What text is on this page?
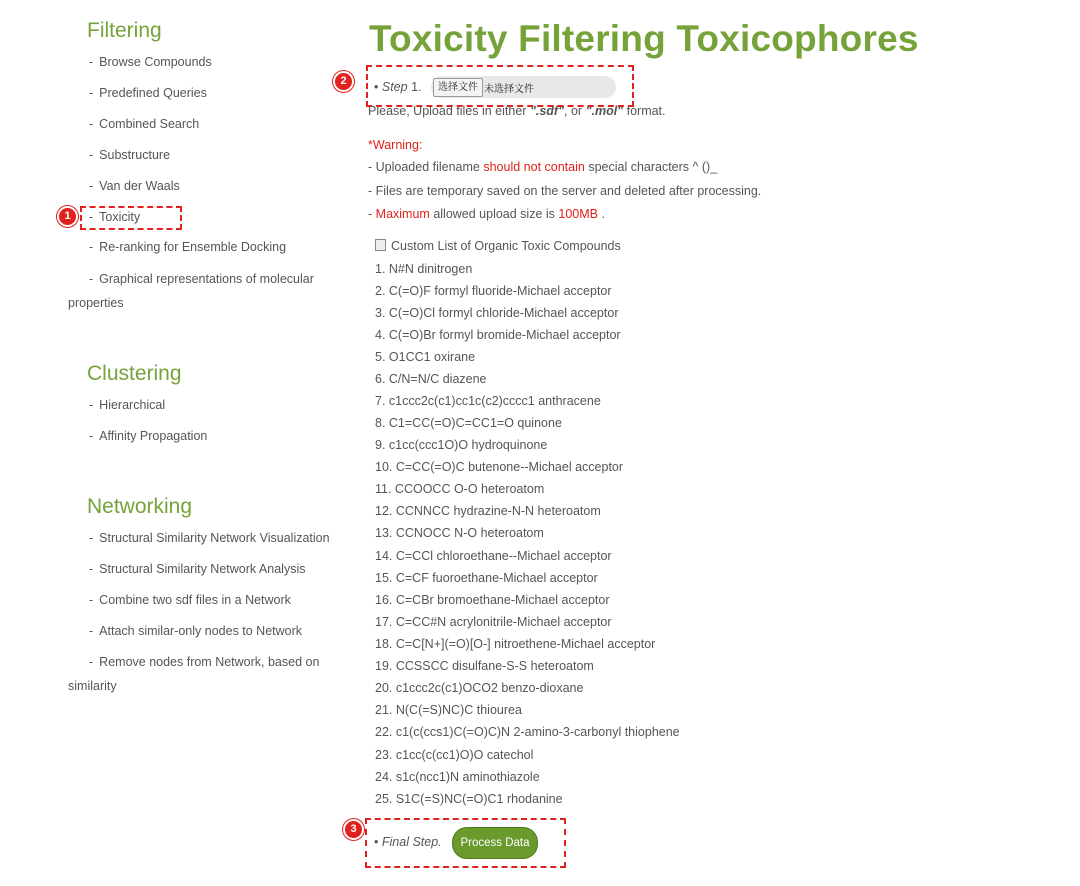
Filtering
- Browse Compounds
- Predefined Queries
- Combined Search
- Substructure
- Van der Waals
- Toxicity
- Re-ranking for Ensemble Docking
- Graphical representations of molecular properties
Clustering
- Hierarchical
- Affinity Propagation
Networking
- Structural Similarity Network Visualization
- Structural Similarity Network Analysis
- Combine two sdf files in a Network
- Attach similar-only nodes to Network
- Remove nodes from Network, based on similarity
Toxicity Filtering Toxicophores
• Step 1.	选择文件 未选择文件
Please, Upload files in either ".sdf", or ".mol" format.
*Warning:
- Uploaded filename should not contain special characters ^ ()_
- Files are temporary saved on the server and deleted after processing.
- Maximum allowed upload size is 100MB .
Custom List of Organic Toxic Compounds
1. N#N dinitrogen
2. C(=O)F formyl fluoride-Michael acceptor
3. C(=O)Cl formyl chloride-Michael acceptor
4. C(=O)Br formyl bromide-Michael acceptor
5. O1CC1 oxirane
6. C/N=N/C diazene
7. c1ccc2c(c1)cc1c(c2)cccc1 anthracene
8. C1=CC(=O)C=CC1=O quinone
9. c1cc(ccc1O)O hydroquinone
10. C=CC(=O)C butenone--Michael acceptor
11. CCOOCC O-O heteroatom
12. CCNNCC hydrazine-N-N heteroatom
13. CCNOCC N-O heteroatom
14. C=CCl chloroethane--Michael acceptor
15. C=CF fuoroethane-Michael acceptor
16. C=CBr bromoethane-Michael acceptor
17. C=CC#N acrylonitrile-Michael acceptor
18. C=C[N+](=O)[O-] nitroethene-Michael acceptor
19. CCSSCC disulfane-S-S heteroatom
20. c1ccc2c(c1)OCO2 benzo-dioxane
21. N(C(=S)NC)C thiourea
22. c1(c(ccs1)C(=O)C)N 2-amino-3-carbonyl thiophene
23. c1cc(c(cc1)O)O catechol
24. s1c(ncc1)N aminothiazole
25. S1C(=S)NC(=O)C1 rhodanine
• Final Step.	Process Data
1
2
3
